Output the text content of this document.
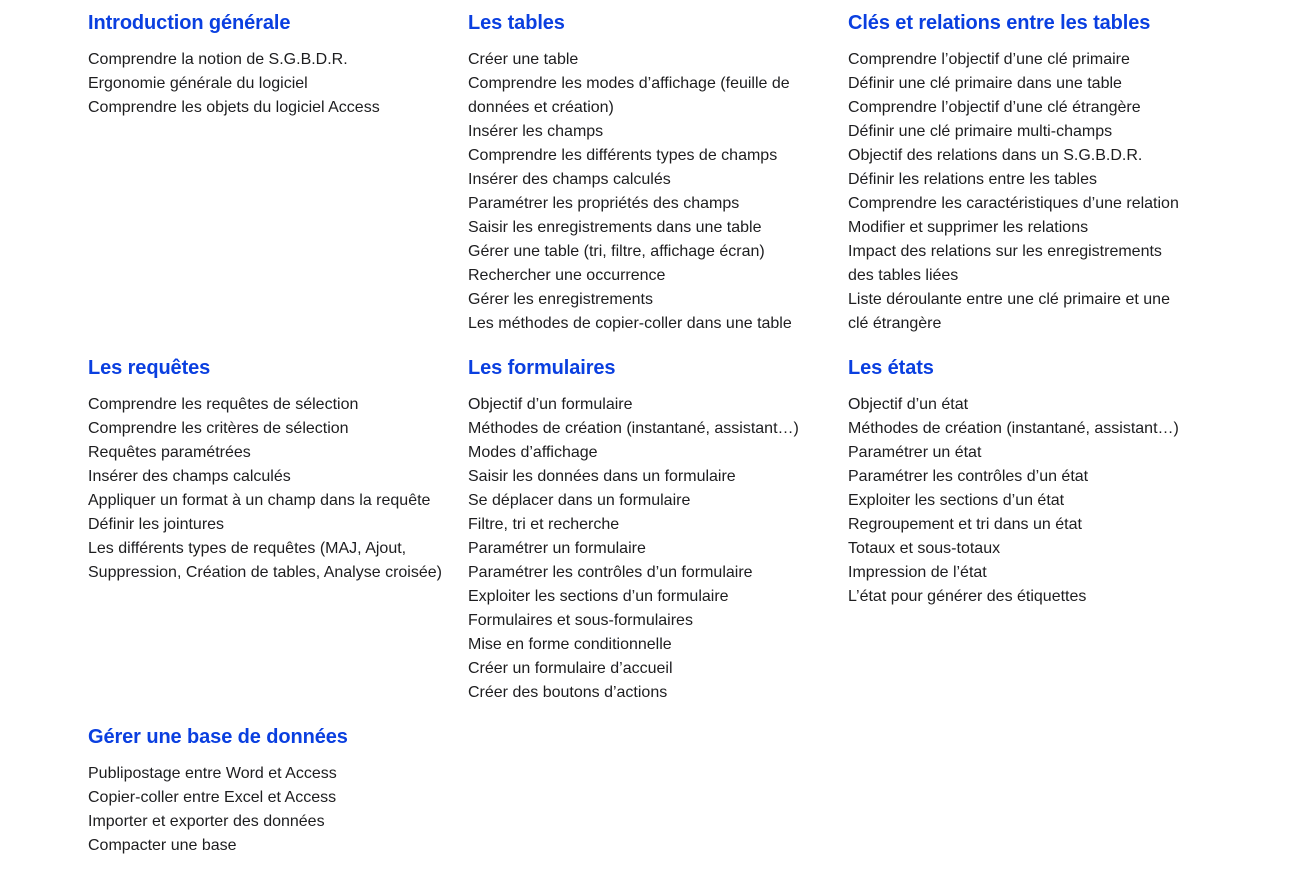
Introduction générale
Comprendre la notion de S.G.B.D.R.
Ergonomie générale du logiciel
Comprendre les objets du logiciel Access
Les tables
Créer une table
Comprendre les modes d’affichage (feuille de données et création)
Insérer les champs
Comprendre les différents types de champs
Insérer des champs calculés
Paramétrer les propriétés des champs
Saisir les enregistrements dans une table
Gérer une table (tri, filtre, affichage écran)
Rechercher une occurrence
Gérer les enregistrements
Les méthodes de copier-coller dans une table
Clés et relations entre les tables
Comprendre l’objectif d’une clé primaire
Définir une clé primaire dans une table
Comprendre l’objectif d’une clé étrangère
Définir une clé primaire multi-champs
Objectif des relations dans un S.G.B.D.R.
Définir les relations entre les tables
Comprendre les caractéristiques d’une relation
Modifier et supprimer les relations
Impact des relations sur les enregistrements des tables liées
Liste déroulante entre une clé primaire et une clé étrangère
Les requêtes
Comprendre les requêtes de sélection
Comprendre les critères de sélection
Requêtes paramétrées
Insérer des champs calculés
Appliquer un format à un champ dans la requête
Définir les jointures
Les différents types de requêtes (MAJ, Ajout, Suppression, Création de tables, Analyse croisée)
Les formulaires
Objectif d’un formulaire
Méthodes de création (instantané, assistant…)
Modes d’affichage
Saisir les données dans un formulaire
Se déplacer dans un formulaire
Filtre, tri et recherche
Paramétrer un formulaire
Paramétrer les contrôles d’un formulaire
Exploiter les sections d’un formulaire
Formulaires et sous-formulaires
Mise en forme conditionnelle
Créer un formulaire d’accueil
Créer des boutons d’actions
Les états
Objectif d’un état
Méthodes de création (instantané, assistant…)
Paramétrer un état
Paramétrer les contrôles d’un état
Exploiter les sections d’un état
Regroupement et tri dans un état
Totaux et sous-totaux
Impression de l’état
L’état pour générer des étiquettes
Gérer une base de données
Publipostage entre Word et Access
Copier-coller entre Excel et Access
Importer et exporter des données
Compacter une base
